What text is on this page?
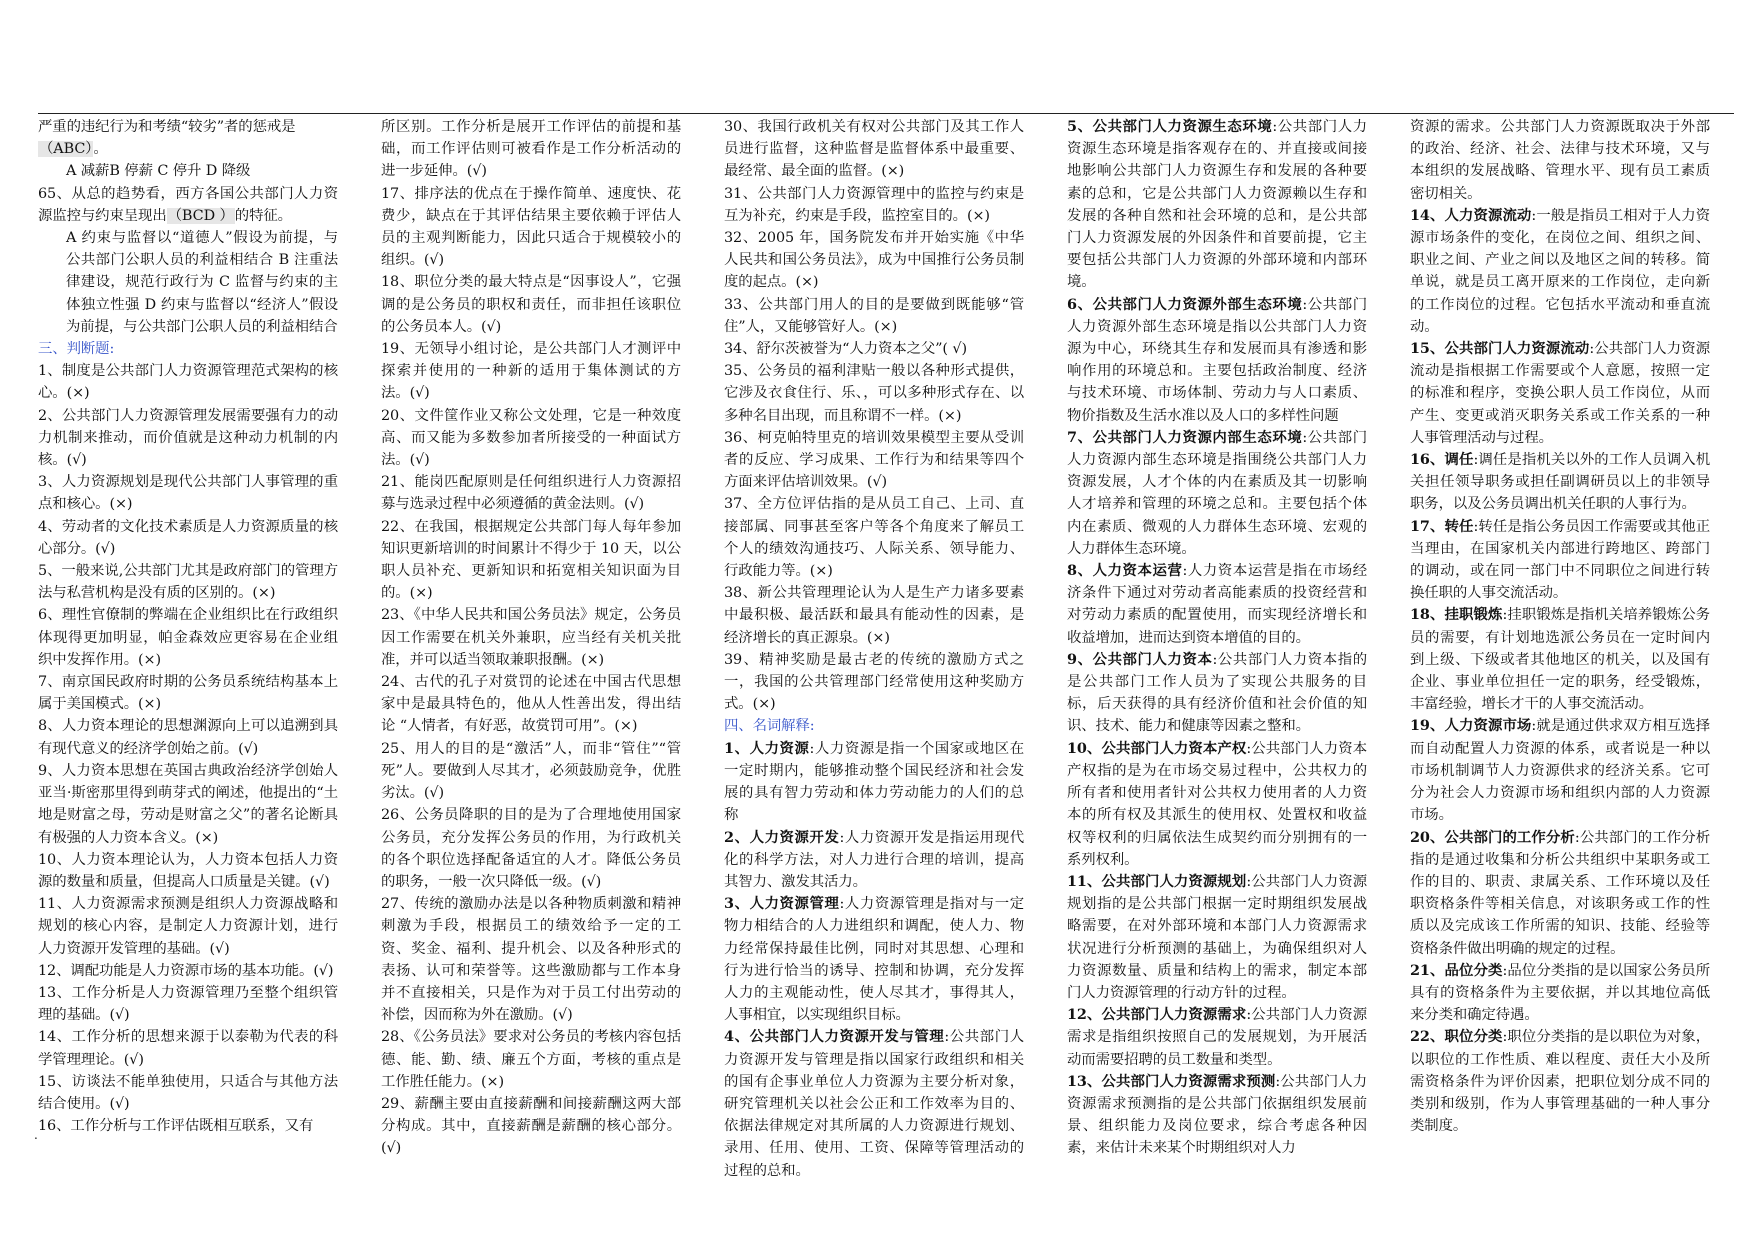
严重的违纪行为和考绩“较劣”者的惩戒是
（ABC）。

A 减薪B 停薪 C 停升 D 降级

65、从总的趋势看，西方各国公共部门人力资源监控与约束呈现出（BCD ）的特征。

A 约束与监督以“道德人”假设为前提，与公共部门公职人员的利益相结合 B 注重法律建设，规范行政行为 C 监督与约束的主体独立性强 D 约束与监督以“经济人”假设为前提，与公共部门公职人员的利益相结合

三、判断题:

1、制度是公共部门人力资源管理范式架构的核心。(×)

2、公共部门人力资源管理发展需要强有力的动力机制来推动，而价值就是这种动力机制的内核。(√)

3、人力资源规划是现代公共部门人事管理的重点和核心。(×)

4、劳动者的文化技术素质是人力资源质量的核心部分。(√)

5、一般来说,公共部门尤其是政府部门的管理方法与私营机构是没有质的区别的。(×)

6、理性官僚制的弊端在企业组织比在行政组织体现得更加明显，帕金森效应更容易在企业组织中发挥作用。(×)

7、南京国民政府时期的公务员系统结构基本上属于美国模式。(×)

8、人力资本理论的思想渊源向上可以追溯到具有现代意义的经济学创始之前。(√)

9、人力资本思想在英国古典政治经济学创始人亚当·斯密那里得到萌芽式的阐述，他提出的“土地是财富之母，劳动是财富之父”的著名论断具有极强的人力资本含义。(×)

10、人力资本理论认为，人力资本包括人力资源的数量和质量，但提高人口质量是关键。(√)

11、人力资源需求预测是组织人力资源战略和规划的核心内容，是制定人力资源计划，进行人力资源开发管理的基础。(√)

12、调配功能是人力资源市场的基本功能。(√)

13、工作分析是人力资源管理乃至整个组织管理的基础。(√)

14、工作分析的思想来源于以泰勒为代表的科学管理理论。(√)

15、访谈法不能单独使用，只适合与其他方法结合使用。(√)

16、工作分析与工作评估既相互联系，又有

所区别。工作分析是展开工作评估的前提和基础，而工作评估则可被看作是工作分析活动的进一步延伸。(√)

17、排序法的优点在于操作简单、速度快、花费少，缺点在于其评估结果主要依赖于评估人员的主观判断能力，因此只适合于规模较小的组织。(√)

18、职位分类的最大特点是“因事设人”，它强调的是公务员的职权和责任，而非担任该职位的公务员本人。(√)

19、无领导小组讨论，是公共部门人才测评中探索并使用的一种新的适用于集体测试的方法。(√)

20、文件筐作业又称公文处理，它是一种效度高、而又能为多数参加者所接受的一种面试方法。(√)

21、能岗匹配原则是任何组织进行人力资源招募与选录过程中必须遵循的黄金法则。(√)

22、在我国，根据规定公共部门每人每年参加知识更新培训的时间累计不得少于 10 天，以公职人员补充、更新知识和拓宽相关知识面为目的。(×)

23、《中华人民共和国公务员法》规定，公务员因工作需要在机关外兼职，应当经有关机关批准，并可以适当领取兼职报酬。(×)

24、古代的孔子对赏罚的论述在中国古代思想家中是最具特色的，他从人性善出发，得出结论 “人情者，有好恶，故赏罚可用”。(×)

25、用人的目的是“激活”人，而非“管住”“管死”人。要做到人尽其才，必须鼓励竞争，优胜劣汰。(√)

26、公务员降职的目的是为了合理地使用国家公务员，充分发挥公务员的作用，为行政机关的各个职位选择配备适宜的人才。降低公务员的职务，一般一次只降低一级。(√)

27、传统的激励办法是以各种物质刺激和精神刺激为手段，根据员工的绩效给予一定的工资、奖金、福利、提升机会、以及各种形式的表扬、认可和荣誉等。这些激励都与工作本身并不直接相关，只是作为对于员工付出劳动的补偿，因而称为外在激励。(√)

28、《公务员法》要求对公务员的考核内容包括德、能、勤、绩、廉五个方面，考核的重点是工作胜任能力。(×)

29、薪酬主要由直接薪酬和间接薪酬这两大部分构成。其中，直接薪酬是薪酬的核心部分。(√)

30、我国行政机关有权对公共部门及其工作人员进行监督，这种监督是监督体系中最重要、最经常、最全面的监督。(×)

31、公共部门人力资源管理中的监控与约束是互为补充，约束是手段，监控室目的。(×)

32、2005 年，国务院发布并开始实施《中华人民共和国公务员法》，成为中国推行公务员制度的起点。(×)

33、公共部门用人的目的是要做到既能够“管住”人，又能够管好人。(×)

34、舒尔茨被誉为“人力资本之父”( √)

35、公务员的福利津贴一般以各种形式提供，它涉及衣食住行、乐、，可以多种形式存在、以多种名目出现，而且称谓不一样。(×)

36、柯克帕特里克的培训效果模型主要从受训者的反应、学习成果、工作行为和结果等四个方面来评估培训效果。(√)

37、全方位评估指的是从员工自己、上司、直接部属、同事甚至客户等各个角度来了解员工个人的绩效沟通技巧、人际关系、领导能力、行政能力等。(×)

38、新公共管理理论认为人是生产力诸多要素中最积极、最活跃和最具有能动性的因素，是经济增长的真正源泉。(×)

39、精神奖励是最古老的传统的激励方式之一，我国的公共管理部门经常使用这种奖励方式。(×)

四、名词解释:

1、人力资源:人力资源是指一个国家或地区在一定时期内，能够推动整个国民经济和社会发展的具有智力劳动和体力劳动能力的人们的总称

2、人力资源开发:人力资源开发是指运用现代化的科学方法，对人力进行合理的培训，提高其智力、激发其活力。

3、人力资源管理:人力资源管理是指对与一定物力相结合的人力进组织和调配，使人力、物力经常保持最佳比例，同时对其思想、心理和行为进行恰当的诱导、控制和协调，充分发挥人力的主观能动性，使人尽其才，事得其人，人事相宜，以实现组织目标。

4、公共部门人力资源开发与管理:公共部门人力资源开发与管理是指以国家行政组织和相关的国有企事业单位人力资源为主要分析对象，研究管理机关以社会公正和工作效率为目的、依据法律规定对其所属的人力资源进行规划、录用、任用、使用、工资、保障等管理活动的过程的总和。

5、公共部门人力资源生态环境:公共部门人力资源生态环境是指客观存在的、并直接或间接地影响公共部门人力资源生存和发展的各种要素的总和，它是公共部门人力资源赖以生存和发展的各种自然和社会环境的总和，是公共部门人力资源发展的外因条件和首要前提，它主要包括公共部门人力资源的外部环境和内部环境。

6、公共部门人力资源外部生态环境:公共部门人力资源外部生态环境是指以公共部门人力资源为中心，环绕其生存和发展而具有渗透和影响作用的环境总和。主要包括政治制度、经济与技术环境、市场体制、劳动力与人口素质、物价指数及生活水准以及人口的多样性问题

7、公共部门人力资源内部生态环境:公共部门人力资源内部生态环境是指围绕公共部门人力资源发展，人才个体的内在素质及其一切影响人才培养和管理的环境之总和。主要包括个体内在素质、微观的人力群体生态环境、宏观的人力群体生态环境。

8、人力资本运营:人力资本运营是指在市场经济条件下通过对劳动者高能素质的投资经营和对劳动力素质的配置使用，而实现经济增长和收益增加，进而达到资本增值的目的。

9、公共部门人力资本:公共部门人力资本指的是公共部门工作人员为了实现公共服务的目标，后天获得的具有经济价值和社会价值的知识、技术、能力和健康等因素之整和。

10、公共部门人力资本产权:公共部门人力资本产权指的是为在市场交易过程中，公共权力的所有者和使用者针对公共权力使用者的人力资本的所有权及其派生的使用权、处置权和收益权等权利的归属依法生成契约而分别拥有的一系列权利。

11、公共部门人力资源规划:公共部门人力资源规划指的是公共部门根据一定时期组织发展战略需要，在对外部环境和本部门人力资源需求状况进行分析预测的基础上，为确保组织对人力资源数量、质量和结构上的需求，制定本部门人力资源管理的行动方针的过程。

12、公共部门人力资源需求:公共部门人力资源需求是指组织按照自己的发展规划，为开展活动而需要招聘的员工数量和类型。

13、公共部门人力资源需求预测:公共部门人力资源需求预测指的是公共部门依据组织发展前景、组织能力及岗位要求，综合考虑各种因素，来估计未来某个时期组织对人力

资源的需求。公共部门人力资源既取决于外部的政治、经济、社会、法律与技术环境，又与本组织的发展战略、管理水平、现有员工素质密切相关。

14、人力资源流动:一般是指员工相对于人力资源市场条件的变化，在岗位之间、组织之间、职业之间、产业之间以及地区之间的转移。简单说，就是员工离开原来的工作岗位，走向新的工作岗位的过程。它包括水平流动和垂直流动。

15、公共部门人力资源流动:公共部门人力资源流动是指根据工作需要或个人意愿，按照一定的标准和程序，变换公职人员工作岗位，从而产生、变更或消灭职务关系或工作关系的一种人事管理活动与过程。

16、调任:调任是指机关以外的工作人员调入机关担任领导职务或担任副调研员以上的非领导职务，以及公务员调出机关任职的人事行为。

17、转任:转任是指公务员因工作需要或其他正当理由，在国家机关内部进行跨地区、跨部门的调动，或在同一部门中不同职位之间进行转换任职的人事交流活动。

18、挂职锻炼:挂职锻炼是指机关培养锻炼公务员的需要，有计划地选派公务员在一定时间内到上级、下级或者其他地区的机关，以及国有企业、事业单位担任一定的职务，经受锻炼，丰富经验，增长才干的人事交流活动。

19、人力资源市场:就是通过供求双方相互选择而自动配置人力资源的体系，或者说是一种以市场机制调节人力资源供求的经济关系。它可分为社会人力资源市场和组织内部的人力资源市场。

20、公共部门的工作分析:公共部门的工作分析指的是通过收集和分析公共组织中某职务或工作的目的、职责、隶属关系、工作环境以及任职资格条件等相关信息，对该职务或工作的性质以及完成该工作所需的知识、技能、经验等资格条件做出明确的规定的过程。

21、品位分类:品位分类指的是以国家公务员所具有的资格条件为主要依据，并以其地位高低来分类和确定待遇。

22、职位分类:职位分类指的是以职位为对象，以职位的工作性质、难以程度、责任大小及所需资格条件为评价因素，把职位划分成不同的类别和级别，作为人事管理基础的一种人事分类制度。

.
